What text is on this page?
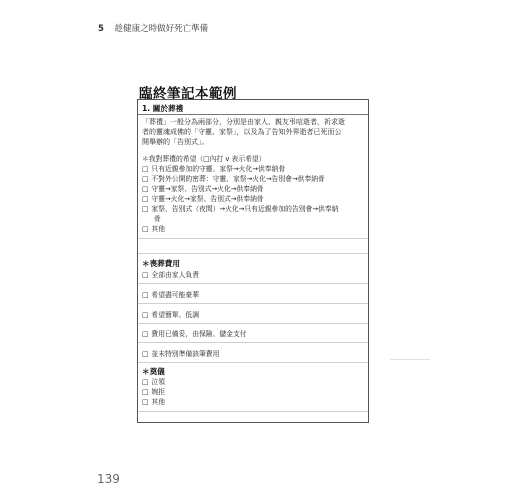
5 趁健康之時做好死亡準備
臨終筆記本範例
1. 關於葬禮
「葬禮」一般分為兩部分，分別是由家人、親友弔唁逝者，祈求逝
者的靈魂成佛的「守靈、家祭」，以及為了告知外界逝者已死而公
開舉辦的「告別式」。
＊我對葬禮的希望（□內打 v 表示希望）
□ 只有近親參加的守靈、家祭→火化→供奉納骨
□ 不對外公開的密葬：守靈、家祭→火化→告別會→供奉納骨
□ 守靈→家祭、告別式→火化→供奉納骨
□ 守靈→火化→家祭、告別式→供奉納骨
□ 家祭、告別式（夜間）→火化→只有近親參加的告別會→供奉納
骨
□ 其他
＊喪葬費用
□ 全部由家人負責
□ 希望盡可能豪華
□ 希望簡單、低調
□ 費用已備妥，由保險、儲金支付
□ 並未特別準備該筆費用
＊奠儀
□ 泣領
□ 婉拒
□ 其他
139
